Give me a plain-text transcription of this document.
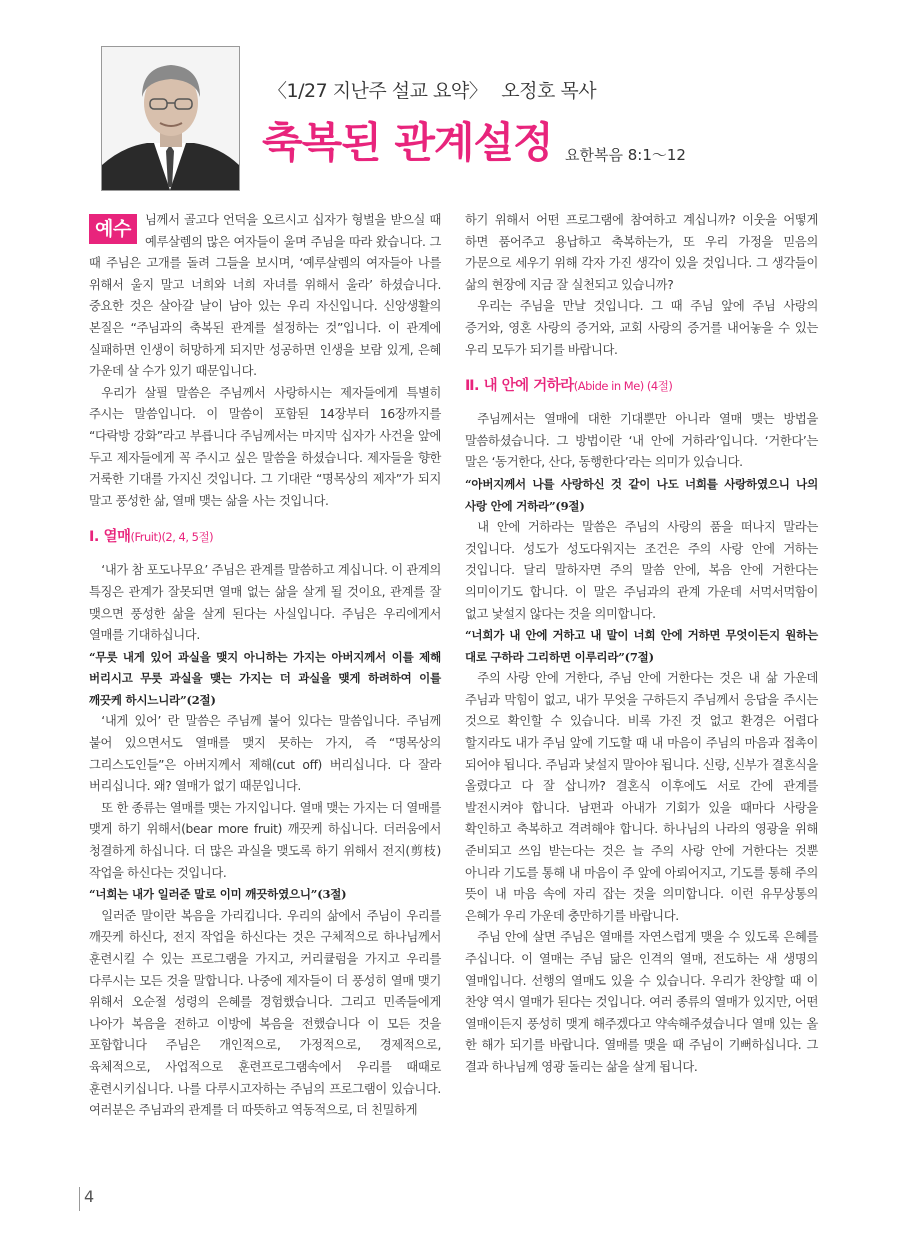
〈1/27 지난주 설교 요약〉 오정호 목사
축복된 관계설정 요한복음 8:1～12

예수	님께서 골고다 언덕을 오르시고 십자가 형벌을 받으실 때 예루살렘의 많은 여자들이 울며 주님을 따라 왔습니다. 그 때 주님은 고개를 돌려 그들을 보시며, ‘예루살렘의 여자들아 나를 위해서 울지 말고 너희와 너희 자녀를 위해서 울라’ 하셨습니다. 중요한 것은 살아갈 날이 남아 있는 우리 자신입니다. 신앙생활의 본질은 “주님과의 축복된 관계를 설정하는 것”입니다. 이 관계에 실패하면 인생이 허망하게 되지만 성공하면 인생을 보람 있게, 은혜 가운데 살 수가 있기 때문입니다.

우리가 살필 말씀은 주님께서 사랑하시는 제자들에게 특별히 주시는 말씀입니다. 이 말씀이 포함된 14장부터 16장까지를 “다락방 강화”라고 부릅니다 주님께서는 마지막 십자가 사건을 앞에 두고 제자들에게 꼭 주시고 싶은 말씀을 하셨습니다. 제자들을 향한 거룩한 기대를 가지신 것입니다. 그 기대란 “명목상의 제자”가 되지 말고 풍성한 삶, 열매 맺는 삶을 사는 것입니다.

Ⅰ. 열매(Fruit)(2, 4, 5절)

‘내가 참 포도나무요’ 주님은 관계를 말씀하고 계십니다. 이 관계의 특징은 관계가 잘못되면 열매 없는 삶을 살게 될 것이요, 관계를 잘 맺으면 풍성한 삶을 살게 된다는 사실입니다. 주님은 우리에게서 열매를 기대하십니다.

“무릇 내게 있어 과실을 맺지 아니하는 가지는 아버지께서 이를 제해 버리시고 무릇 과실을 맺는 가지는 더 과실을 맺게 하려하여 이를 깨끗케 하시느니라”(2절)

‘내게 있어’ 란 말씀은 주님께 붙어 있다는 말씀입니다. 주님께 붙어 있으면서도 열매를 맺지 못하는 가지, 즉 “명목상의 그리스도인들”은 아버지께서 제해(cut off) 버리십니다. 다 잘라 버리십니다. 왜? 열매가 없기 때문입니다.

또 한 종류는 열매를 맺는 가지입니다. 열매 맺는 가지는 더 열매를 맺게 하기 위해서(bear more fruit) 깨끗케 하십니다. 더러움에서 청결하게 하십니다. 더 많은 과실을 맺도록 하기 위해서 전지(剪枝) 작업을 하신다는 것입니다.

“너희는 내가 일러준 말로 이미 깨끗하였으니”(3절)

일러준 말이란 복음을 가리킵니다. 우리의 삶에서 주님이 우리를 깨끗케 하신다, 전지 작업을 하신다는 것은 구체적으로 하나님께서 훈련시킬 수 있는 프로그램을 가지고, 커리큘럼을 가지고 우리를 다루시는 모든 것을 말합니다. 나중에 제자들이 더 풍성히 열매 맺기 위해서 오순절 성령의 은혜를 경험했습니다. 그리고 민족들에게 나아가 복음을 전하고 이방에 복음을 전했습니다 이 모든 것을 포함합니다 주님은 개인적으로, 가정적으로, 경제적으로, 육체적으로, 사업적으로 훈련프로그램속에서 우리를 때때로 훈련시키십니다. 나를 다루시고자하는 주님의 프로그램이 있습니다. 여러분은 주님과의 관계를 더 따뜻하고 역동적으로, 더 친밀하게

하기 위해서 어떤 프로그램에 참여하고 계십니까? 이웃을 어떻게 하면 품어주고 용납하고 축복하는가, 또 우리 가정을 믿음의 가문으로 세우기 위해 각자 가진 생각이 있을 것입니다. 그 생각들이 삶의 현장에 지금 잘 실천되고 있습니까?

우리는 주님을 만날 것입니다. 그 때 주님 앞에 주님 사랑의 증거와, 영혼 사랑의 증거와, 교회 사랑의 증거를 내어놓을 수 있는 우리 모두가 되기를 바랍니다.

Ⅱ. 내 안에 거하라(Abide in Me) (4절)

주님께서는 열매에 대한 기대뿐만 아니라 열매 맺는 방법을 말씀하셨습니다. 그 방법이란 ‘내 안에 거하라’입니다. ‘거한다’는 말은 ‘동거한다, 산다, 동행한다’라는 의미가 있습니다.

“아버지께서 나를 사랑하신 것 같이 나도 너희를 사랑하였으니 나의 사랑 안에 거하라”(9절)

내 안에 거하라는 말씀은 주님의 사랑의 품을 떠나지 말라는 것입니다. 성도가 성도다워지는 조건은 주의 사랑 안에 거하는 것입니다. 달리 말하자면 주의 말씀 안에, 복음 안에 거한다는 의미이기도 합니다. 이 말은 주님과의 관계 가운데 서먹서먹함이 없고 낯설지 않다는 것을 의미합니다.

“너희가 내 안에 거하고 내 말이 너희 안에 거하면 무엇이든지 원하는 대로 구하라 그리하면 이루리라”(7절)

주의 사랑 안에 거한다, 주님 안에 거한다는 것은 내 삶 가운데 주님과 막힘이 없고, 내가 무엇을 구하든지 주님께서 응답을 주시는 것으로 확인할 수 있습니다. 비록 가진 것 없고 환경은 어렵다 할지라도 내가 주님 앞에 기도할 때 내 마음이 주님의 마음과 접촉이 되어야 됩니다. 주님과 낯설지 말아야 됩니다. 신랑, 신부가 결혼식을 올렸다고 다 잘 삽니까? 결혼식 이후에도 서로 간에 관계를 발전시켜야 합니다. 남편과 아내가 기회가 있을 때마다 사랑을 확인하고 축복하고 격려해야 합니다. 하나님의 나라의 영광을 위해 준비되고 쓰임 받는다는 것은 늘 주의 사랑 안에 거한다는 것뿐 아니라 기도를 통해 내 마음이 주 앞에 아뢰어지고, 기도를 통해 주의 뜻이 내 마음 속에 자리 잡는 것을 의미합니다. 이런 유무상통의 은혜가 우리 가운데 충만하기를 바랍니다.

주님 안에 살면 주님은 열매를 자연스럽게 맺을 수 있도록 은혜를 주십니다. 이 열매는 주님 닮은 인격의 열매, 전도하는 새 생명의 열매입니다. 선행의 열매도 있을 수 있습니다. 우리가 찬양할 때 이 찬양 역시 열매가 된다는 것입니다. 여러 종류의 열매가 있지만, 어떤 열매이든지 풍성히 맺게 해주겠다고 약속해주셨습니다 열매 있는 올 한 해가 되기를 바랍니다. 열매를 맺을 때 주님이 기뻐하십니다. 그 결과 하나님께 영광 돌리는 삶을 살게 됩니다.

4
